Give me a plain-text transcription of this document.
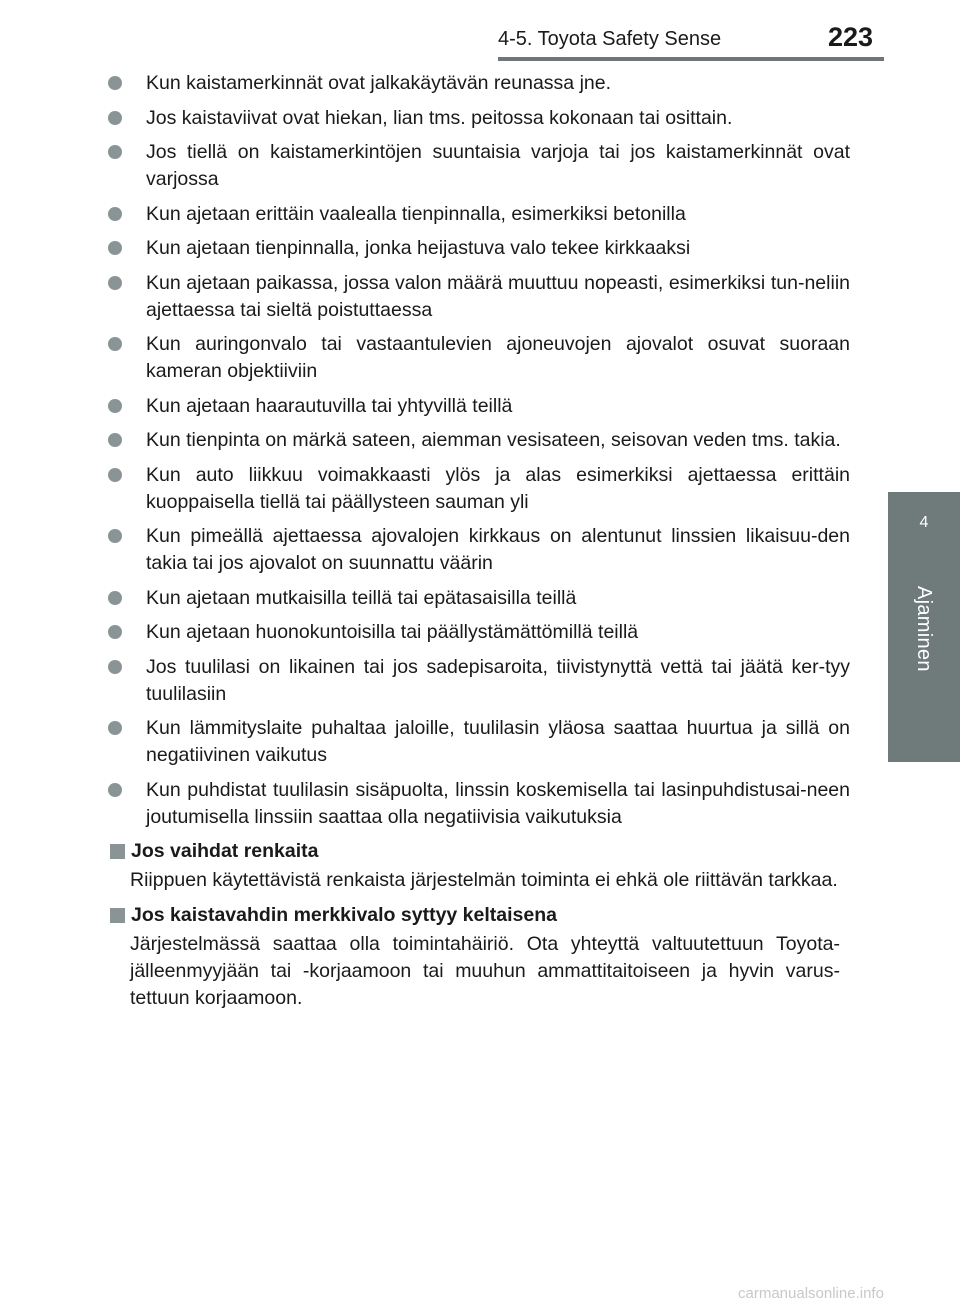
4-5. Toyota Safety Sense	223
4
Ajaminen
Kun kaistamerkinnät ovat jalkakäytävän reunassa jne.
Jos kaistaviivat ovat hiekan, lian tms. peitossa kokonaan tai osittain.
Jos tiellä on kaistamerkintöjen suuntaisia varjoja tai jos kaistamerkinnät ovat varjossa
Kun ajetaan erittäin vaalealla tienpinnalla, esimerkiksi betonilla
Kun ajetaan tienpinnalla, jonka heijastuva valo tekee kirkkaaksi
Kun ajetaan paikassa, jossa valon määrä muuttuu nopeasti, esimerkiksi tun-neliin ajettaessa tai sieltä poistuttaessa
Kun auringonvalo tai vastaantulevien ajoneuvojen ajovalot osuvat suoraan kameran objektiiviin
Kun ajetaan haarautuvilla tai yhtyvillä teillä
Kun tienpinta on märkä sateen, aiemman vesisateen, seisovan veden tms. takia.
Kun auto liikkuu voimakkaasti ylös ja alas esimerkiksi ajettaessa erittäin kuoppaisella tiellä tai päällysteen sauman yli
Kun pimeällä ajettaessa ajovalojen kirkkaus on alentunut linssien likaisuu-den takia tai jos ajovalot on suunnattu väärin
Kun ajetaan mutkaisilla teillä tai epätasaisilla teillä
Kun ajetaan huonokuntoisilla tai päällystämättömillä teillä
Jos tuulilasi on likainen tai jos sadepisaroita, tiivistynyttä vettä tai jäätä ker-tyy tuulilasiin
Kun lämmityslaite puhaltaa jaloille, tuulilasin yläosa saattaa huurtua ja sillä on negatiivinen vaikutus
Kun puhdistat tuulilasin sisäpuolta, linssin koskemisella tai lasinpuhdistusai-neen joutumisella linssiin saattaa olla negatiivisia vaikutuksia
Jos vaihdat renkaita
Riippuen käytettävistä renkaista järjestelmän toiminta ei ehkä ole riittävän tarkkaa.
Jos kaistavahdin merkkivalo syttyy keltaisena
Järjestelmässä saattaa olla toimintahäiriö. Ota yhteyttä valtuutettuun Toyota-jälleenmyyjään tai -korjaamoon tai muuhun ammattitaitoiseen ja hyvin varus-tettuun korjaamoon.
carmanualsonline.info
